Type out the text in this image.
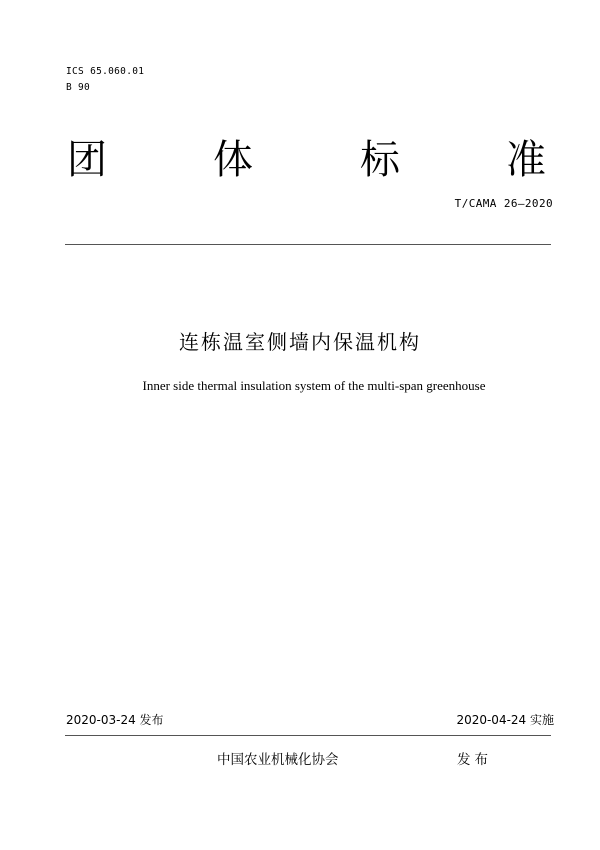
ICS 65.060.01
B 90
团	体	标	准
T/CAMA 26—2020
连栋温室侧墙内保温机构
Inner side thermal insulation system of the multi-span greenhouse
2020-03-24 发布	2020-04-24 实施
中国农业机械化协会	发布
